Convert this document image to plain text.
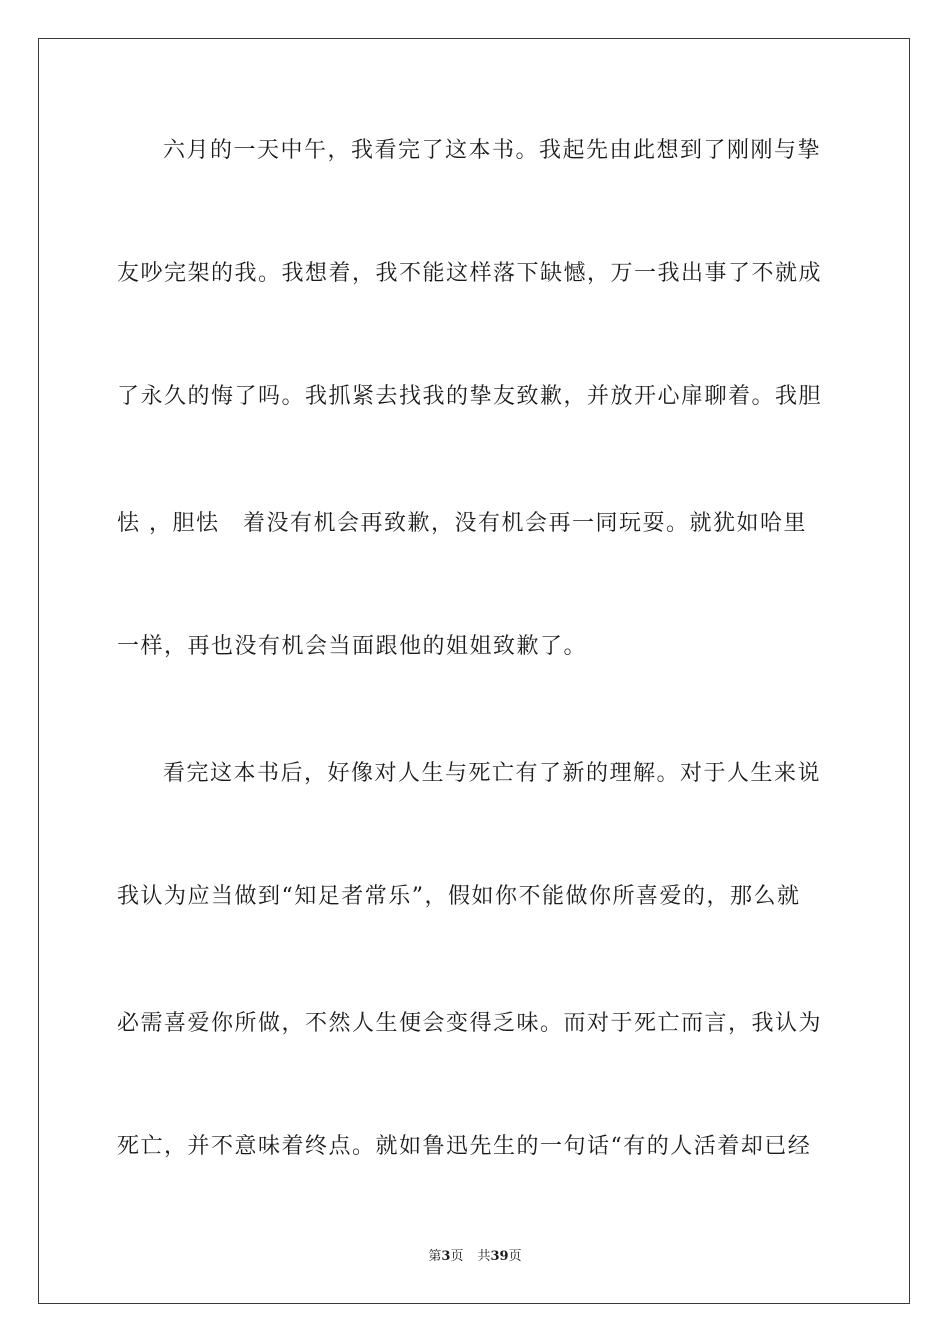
六月的一天中午，我看完了这本书。我起先由此想到了刚刚与挚
友吵完架的我。我想着，我不能这样落下缺憾，万一我出事了不就成
了永久的悔了吗。我抓紧去找我的挚友致歉，并放开心扉聊着。我胆
怯 ，胆怯　着没有机会再致歉，没有机会再一同玩耍。就犹如哈里
一样，再也没有机会当面跟他的姐姐致歉了。
看完这本书后，好像对人生与死亡有了新的理解。对于人生来说
我认为应当做到“知足者常乐”，假如你不能做你所喜爱的，那么就
必需喜爱你所做，不然人生便会变得乏味。而对于死亡而言，我认为
死亡，并不意味着终点。就如鲁迅先生的一句话“有的人活着却已经
第3页 共39页
